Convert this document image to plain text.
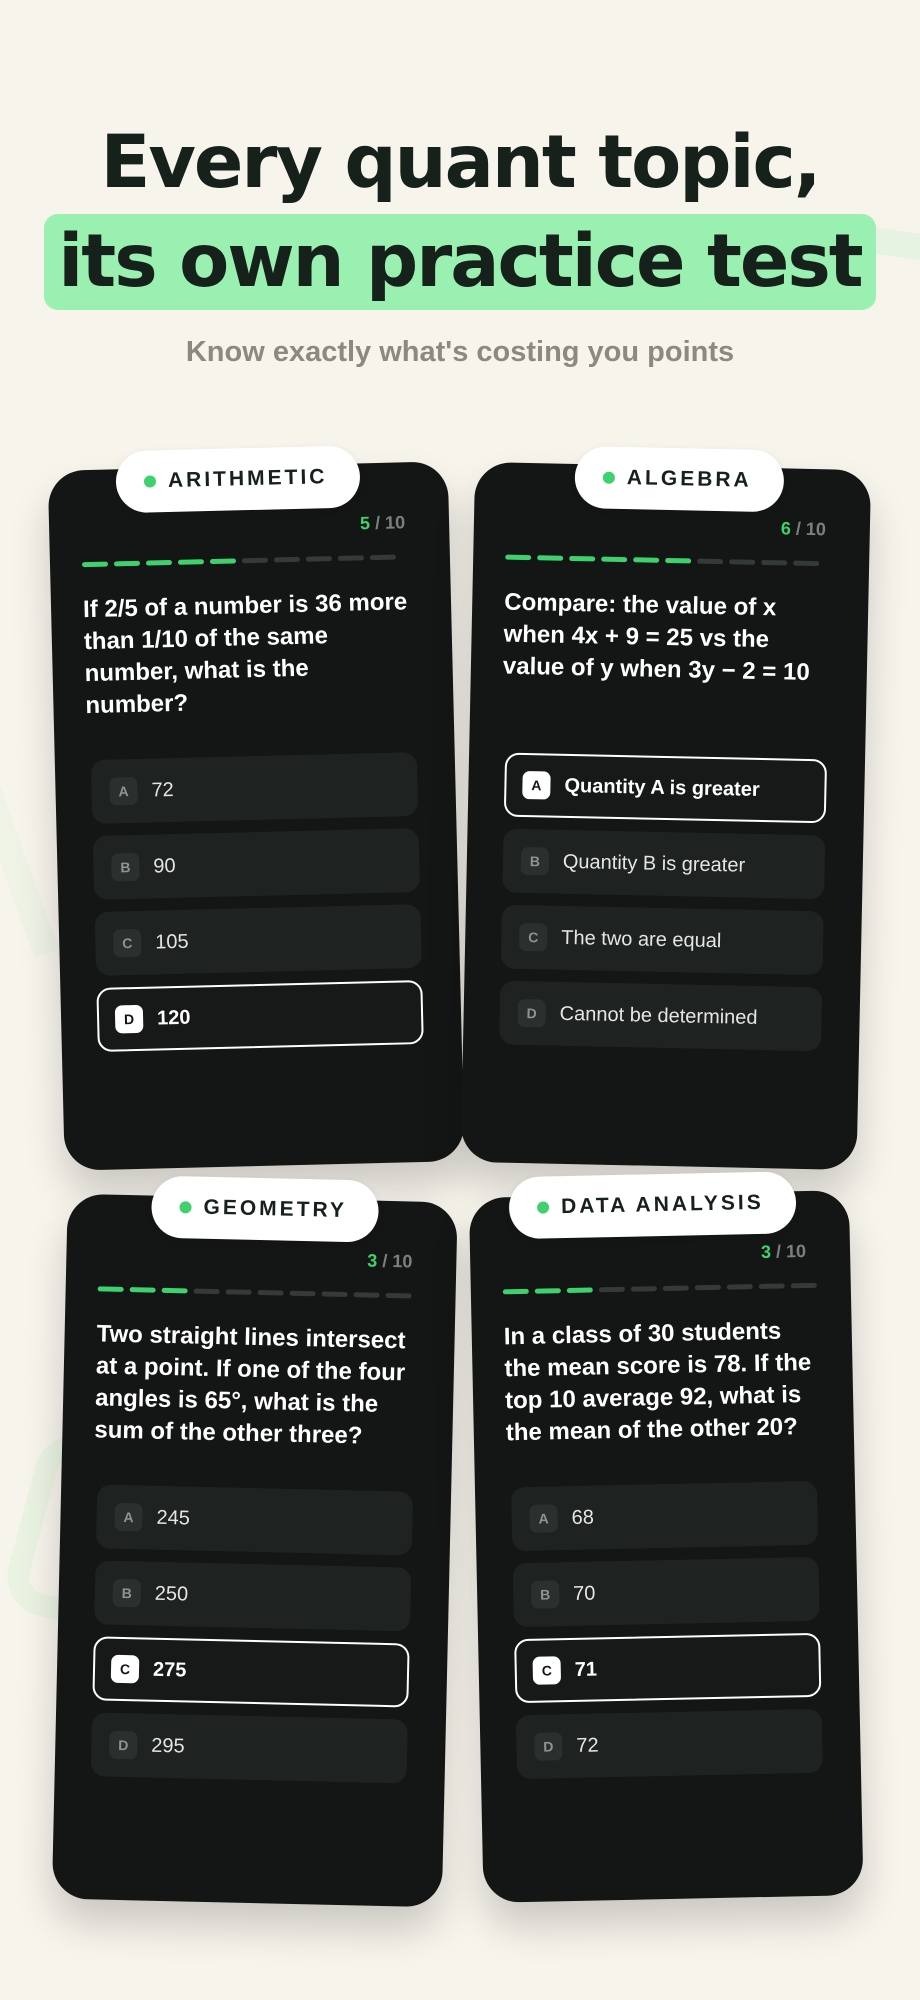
Every quant topic,
its own practice test
Know exactly what's costing you points
5 / 10
If 2/5 of a number is 36 more than 1/10 of the same number, what is the number?
A	72
B	90
C	105
D	120
ARITHMETIC
6 / 10
Compare: the value of x when 4x + 9 = 25 vs the value of y when 3y − 2 = 10
A	Quantity A is greater
B	Quantity B is greater
C	The two are equal
D	Cannot be determined
ALGEBRA
3 / 10
Two straight lines intersect at a point. If one of the four angles is 65°, what is the sum of the other three?
A	245
B	250
C	275
D	295
GEOMETRY
3 / 10
In a class of 30 students the mean score is 78. If the top 10 average 92, what is the mean of the other 20?
A	68
B	70
C	71
D	72
DATA ANALYSIS
